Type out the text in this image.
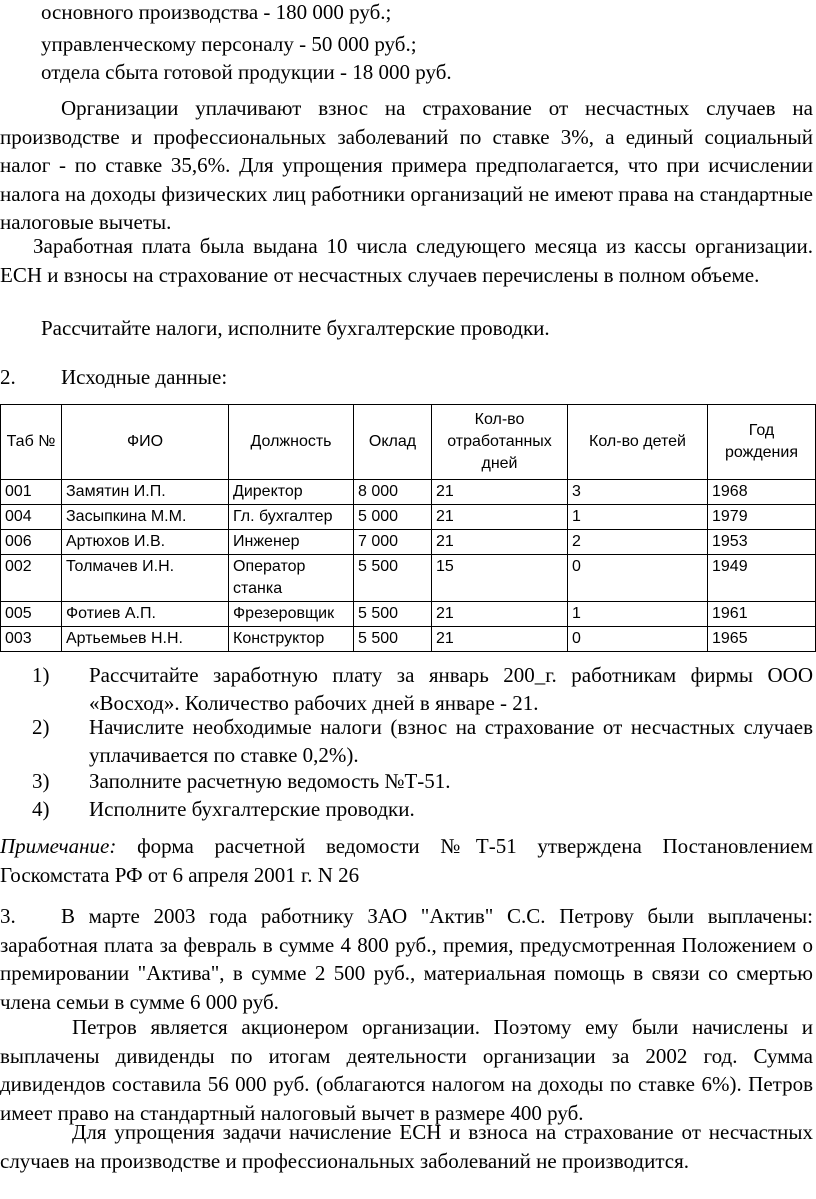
основного производства - 180 000 руб.;
управленческому персоналу - 50 000 руб.;
отдела сбыта готовой продукции - 18 000 руб.
Организации уплачивают взнос на страхование от несчастных случаев на производстве и профессиональных заболеваний по ставке 3%, а единый социальный налог - по ставке 35,6%. Для упрощения примера предполагается, что при исчислении налога на доходы физических лиц работники организаций не имеют права на стандартные налоговые вычеты.
Заработная плата была выдана 10 числа следующего месяца из кассы организации. ЕСН и взносы на страхование от несчастных случаев перечислены в полном объеме.
Рассчитайте налоги, исполните бухгалтерские проводки.
2. Исходные данные:
Таб №	ФИО	Должность	Оклад	Кол-во отработанных дней	Кол-во детей	Год рождения
001	Замятин И.П.	Директор	8 000	21	3	1968
004	Засыпкина М.М.	Гл. бухгалтер	5 000	21	1	1979
006	Артюхов И.В.	Инженер	7 000	21	2	1953
002	Толмачев И.Н.	Оператор станка	5 500	15	0	1949
005	Фотиев А.П.	Фрезеровщик	5 500	21	1	1961
003	Артьемьев Н.Н.	Конструктор	5 500	21	0	1965
1) Рассчитайте заработную плату за январь 200_г. работникам фирмы ООО «Восход». Количество рабочих дней в январе - 21.
2) Начислите необходимые налоги (взнос на страхование от несчастных случаев уплачивается по ставке 0,2%).
3) Заполните расчетную ведомость №Т-51.
4) Исполните бухгалтерские проводки.
Примечание: форма расчетной ведомости №Т-51 утверждена Постановлением Госкомстата РФ от 6 апреля 2001 г. N 26
3.	В марте 2003 года работнику ЗАО "Актив" С.С. Петрову были выплачены: заработная плата за февраль в сумме 4 800 руб., премия, предусмотренная Положением о премировании "Актива", в сумме 2 500 руб., материальная помощь в связи со смертью члена семьи в сумме 6 000 руб.
Петров является акционером организации. Поэтому ему были начислены и выплачены дивиденды по итогам деятельности организации за 2002 год. Сумма дивидендов составила 56 000 руб. (облагаются налогом на доходы по ставке 6%). Петров имеет право на стандартный налоговый вычет в размере 400 руб.
Для упрощения задачи начисление ЕСН и взноса на страхование от несчастных случаев на производстве и профессиональных заболеваний не производится.
